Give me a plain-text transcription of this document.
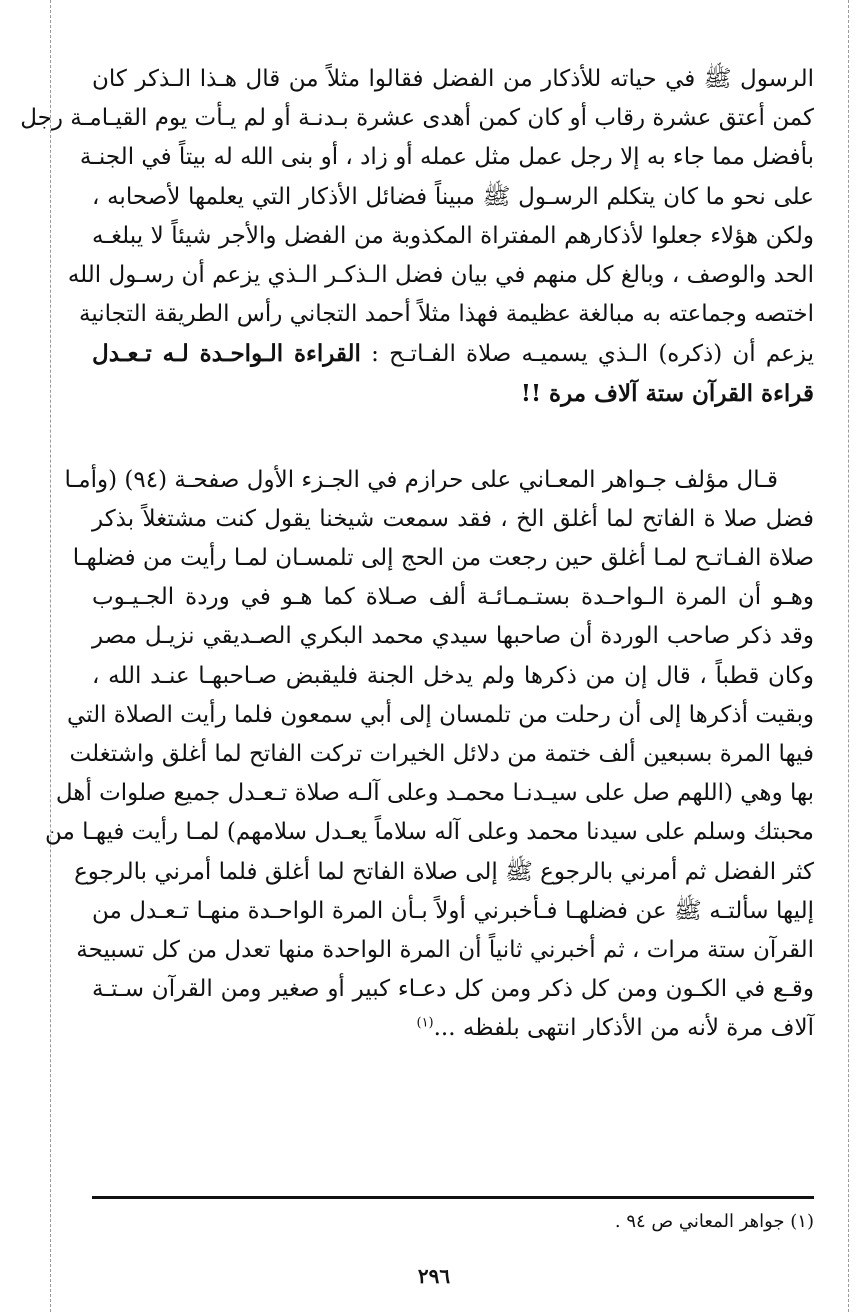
الرسول ﷺ في حياته للأذكار من الفضل فقالوا مثلاً من قال هـذا الـذكر كان
كمن أعتق عشرة رقاب أو كان كمن أهدى عشرة بـدنـة أو لم يـأت يوم القيـامـة رجل
بأفضل مما جاء به إلا رجل عمل مثل عمله أو زاد ، أو بنى الله له بيتاً في الجنـة
على نحو ما كان يتكلم الرسـول ﷺ مبيناً فضائل الأذكار التي يعلمها لأصحابه ،
ولكن هؤلاء جعلوا لأذكارهم المفتراة المكذوبة من الفضل والأجر شيئاً لا يبلغـه
الحد والوصف ، وبالغ كل منهم في بيان فضل الـذكـر الـذي يزعم أن رسـول الله
اختصه وجماعته به مبالغة عظيمة فهذا مثلاً أحمد التجاني رأس الطريقة التجانية
يزعم أن (ذكره) الـذي يسميـه صلاة الفـاتـح : القراءة الـواحـدة لـه تـعـدل
قراءة القرآن ستة آلاف مرة !!
قـال مؤلف جـواهر المعـاني على حرازم في الجـزء الأول صفحـة (٩٤) (وأمـا
فضل صلا ة الفاتح لما أغلق الخ ، فقد سمعت شيخنا يقول كنت مشتغلاً بذكر
صلاة الفـاتـح لمـا أغلق حين رجعت من الحج إلى تلمسـان لمـا رأيت من فضلهـا
وهـو أن المرة الـواحـدة بستـمـائـة ألف صـلاة كما هـو في وردة الجـيـوب
وقد ذكر صاحب الوردة أن صاحبها سيدي محمد البكري الصـديقي نزيـل مصر
وكان قطباً ، قال إن من ذكرها ولم يدخل الجنة فليقبض صـاحبهـا عنـد الله ،
وبقيت أذكرها إلى أن رحلت من تلمسان إلى أبي سمعون فلما رأيت الصلاة التي
فيها المرة بسبعين ألف ختمة من دلائل الخيرات تركت الفاتح لما أغلق واشتغلت
بها وهي (اللهم صل على سيـدنـا محمـد وعلى آلـه صلاة تـعـدل جميع صلوات أهل
محبتك وسلم على سيدنا محمد وعلى آله سلاماً يعـدل سلامهم) لمـا رأيت فيهـا من
كثر الفضل ثم أمرني بالرجوع ﷺ إلى صلاة الفاتح لما أغلق فلما أمرني بالرجوع
إليها سألتـه ﷺ عن فضلهـا فـأخبرني أولاً بـأن المرة الواحـدة منهـا تـعـدل من
القرآن ستة مرات ، ثم أخبرني ثانياً أن المرة الواحدة منها تعدل من كل تسبيحة
وقـع في الكـون ومن كل ذكر ومن كل دعـاء كبير أو صغير ومن القرآن سـتـة
آلاف مرة لأنه من الأذكار انتهى بلفظه ...$^{(١)}$
(١) جواهر المعاني ص ٩٤ .
٢٩٦
